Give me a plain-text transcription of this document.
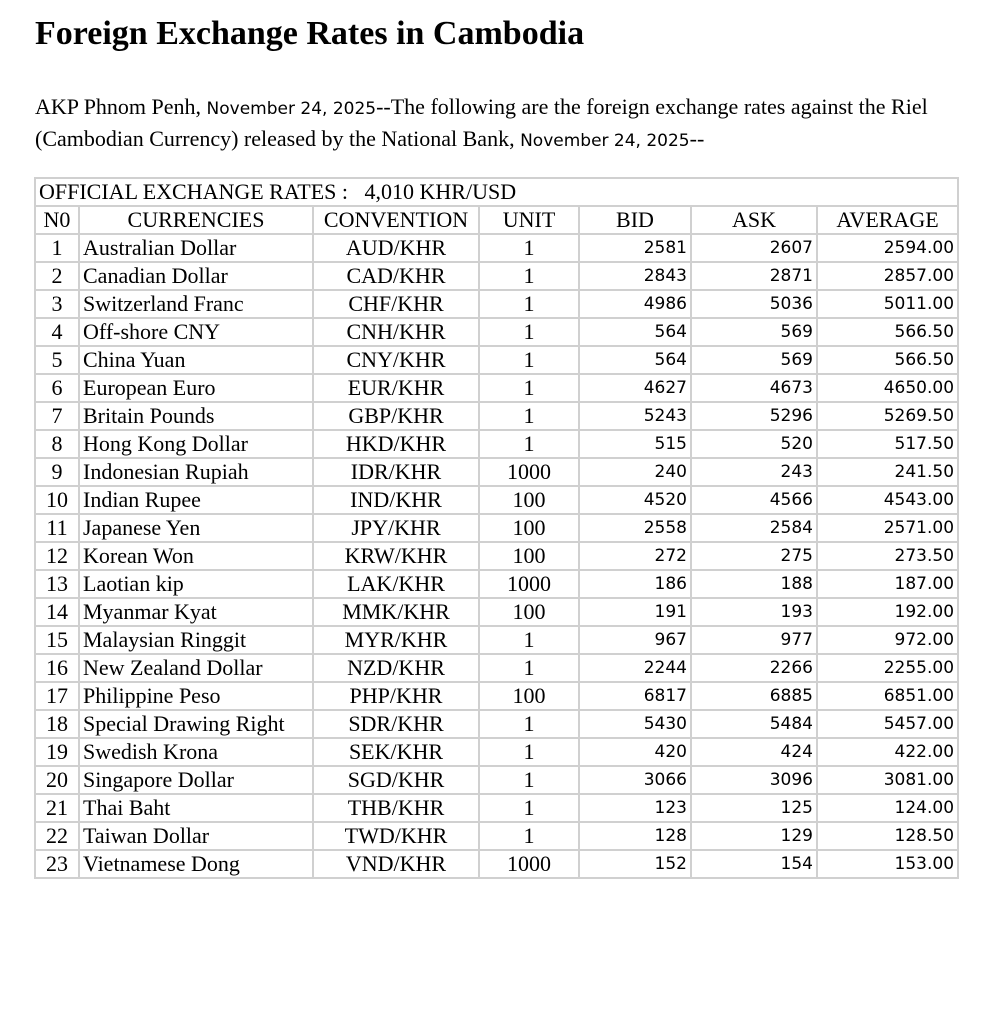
Foreign Exchange Rates in Cambodia

AKP Phnom Penh, November 24, 2025--The following are the foreign exchange rates against the Riel (Cambodian Currency) released by the National Bank, November 24, 2025--

OFFICIAL EXCHANGE RATES : 4,010 KHR/USD						
N0	CURRENCIES	CONVENTION	UNIT	BID	ASK	AVERAGE
1	Australian Dollar	AUD/KHR	1	2581	2607	2594.00
2	Canadian Dollar	CAD/KHR	1	2843	2871	2857.00
3	Switzerland Franc	CHF/KHR	1	4986	5036	5011.00
4	Off-shore CNY	CNH/KHR	1	564	569	566.50
5	China Yuan	CNY/KHR	1	564	569	566.50
6	European Euro	EUR/KHR	1	4627	4673	4650.00
7	Britain Pounds	GBP/KHR	1	5243	5296	5269.50
8	Hong Kong Dollar	HKD/KHR	1	515	520	517.50
9	Indonesian Rupiah	IDR/KHR	1000	240	243	241.50
10	Indian Rupee	IND/KHR	100	4520	4566	4543.00
11	Japanese Yen	JPY/KHR	100	2558	2584	2571.00
12	Korean Won	KRW/KHR	100	272	275	273.50
13	Laotian kip	LAK/KHR	1000	186	188	187.00
14	Myanmar Kyat	MMK/KHR	100	191	193	192.00
15	Malaysian Ringgit	MYR/KHR	1	967	977	972.00
16	New Zealand Dollar	NZD/KHR	1	2244	2266	2255.00
17	Philippine Peso	PHP/KHR	100	6817	6885	6851.00
18	Special Drawing Right	SDR/KHR	1	5430	5484	5457.00
19	Swedish Krona	SEK/KHR	1	420	424	422.00
20	Singapore Dollar	SGD/KHR	1	3066	3096	3081.00
21	Thai Baht	THB/KHR	1	123	125	124.00
22	Taiwan Dollar	TWD/KHR	1	128	129	128.50
23	Vietnamese Dong	VND/KHR	1000	152	154	153.00
